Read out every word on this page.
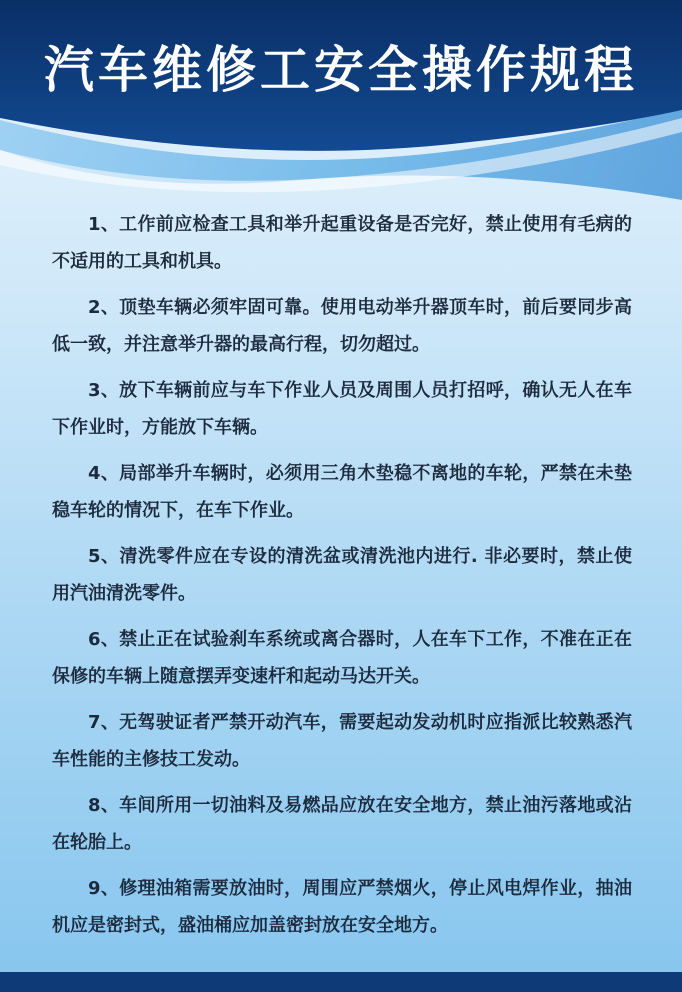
汽车维修工安全操作规程

1、工作前应检查工具和举升起重设备是否完好，禁止使用有毛病的不适用的工具和机具。

2、顶垫车辆必须牢固可靠。使用电动举升器顶车时，前后要同步高低一致，并注意举升器的最高行程，切勿超过。

3、放下车辆前应与车下作业人员及周围人员打招呼，确认无人在车下作业时，方能放下车辆。

4、局部举升车辆时，必须用三角木垫稳不离地的车轮，严禁在未垫稳车轮的情况下，在车下作业。

5、清洗零件应在专设的清洗盆或清洗池内进行. 非必要时，禁止使用汽油清洗零件。

6、禁止正在试验刹车系统或离合器时，人在车下工作，不准在正在保修的车辆上随意摆弄变速杆和起动马达开关。

7、无驾驶证者严禁开动汽车，需要起动发动机时应指派比较熟悉汽车性能的主修技工发动。

8、车间所用一切油料及易燃品应放在安全地方，禁止油污落地或沾在轮胎上。

9、修理油箱需要放油时，周围应严禁烟火，停止风电焊作业，抽油机应是密封式，盛油桶应加盖密封放在安全地方。
